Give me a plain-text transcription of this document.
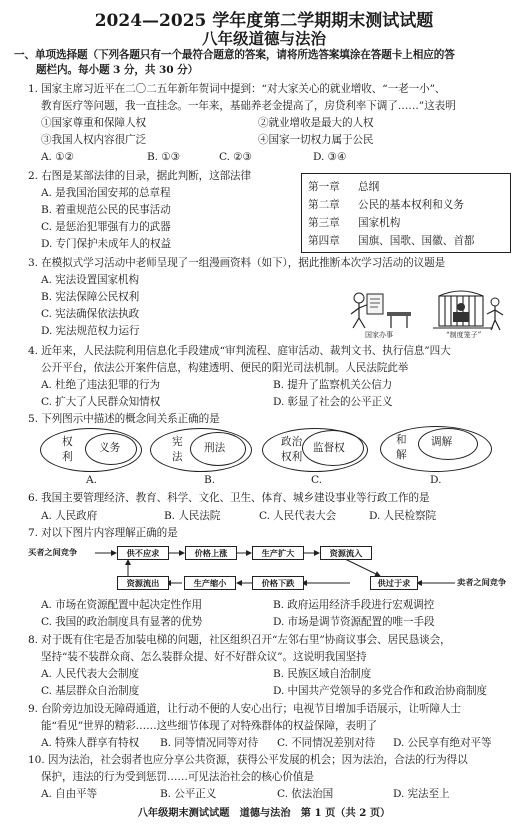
2024—2025 学年度第二学期期末测试试题
八年级道德与法治
一、单项选择题（下列各题只有一个最符合题意的答案，请将所选答案填涂在答题卡上相应的答
题栏内。每小题 3 分，共 30 分）
1. 国家主席习近平在二〇二五年新年贺词中提到：“对大家关心的就业增收、“一老一小”、
教育医疗等问题，我一直挂念。一年来，基础养老金提高了，房贷利率下调了……”这表明
①国家尊重和保障人权	②就业增收是最大的人权
③我国人权内容很广泛	④国家一切权力属于公民
A. ①②	B. ①③	C. ②③	D. ③④
2. 右图是某部法律的目录，据此判断，这部法律
A. 是我国治国安邦的总章程
B. 着重规范公民的民事活动
C. 是惩治犯罪强有力的武器
D. 专门保护未成年人的权益
第一章 总纲
第二章 公民的基本权利和义务
第三章 国家机构
第四章 国旗、国歌、国徽、首都
3. 在模拟式学习活动中老师呈现了一组漫画资料（如下），据此推断本次学习活动的议题是
A. 宪法设置国家机构
B. 宪法保障公民权利
C. 宪法确保依法执政
D. 宪法规范权力运行	国家办事	“制度笼子”
4. 近年来，人民法院利用信息化手段建成“审判流程、庭审活动、裁判文书、执行信息”四大
公开平台，依法公开案件信息，构建透明、便民的阳光司法机制。人民法院此举
A. 杜绝了违法犯罪的行为	B. 提升了监察机关公信力
C. 扩大了人民群众知情权	D. 彰显了社会的公平正义
5. 下列图示中描述的概念间关系正确的是
权
利
义务	宪
法
刑法	政治
权利
监督权
和
解
调解
A.	B.	C.	D.
6. 我国主要管理经济、教育、科学、文化、卫生、体育、城乡建设事业等行政工作的是
A. 人民政府	B. 人民法院	C. 人民代表大会	D. 人民检察院
7. 对以下图片内容理解正确的是
买者之间竞争	供不应求	价格上涨	生产扩大	资源流入
资源流出	生产缩小	价格下跌	供过于求	卖者之间竞争
A. 市场在资源配置中起决定性作用	B. 政府运用经济手段进行宏观调控
C. 我国的政治制度具有显著的优势	D. 市场是调节资源配置的唯一手段
8. 对于既有住宅是否加装电梯的问题，社区组织召开“左邻右里”协商议事会、居民恳谈会，
坚持“装不装群众商、怎么装群众提、好不好群众议”。这说明我国坚持
A. 人民代表大会制度	B. 民族区域自治制度
C. 基层群众自治制度	D. 中国共产党领导的多党合作和政治协商制度
9. 台阶旁边加设无障碍通道，让行动不便的人安心出行；电视节目增加手语展示，让听障人士
能“看见”世界的精彩……这些细节体现了对特殊群体的权益保障，表明了
A. 特殊人群享有特权 B. 同等情况同等对待 C. 不同情况差别对待 D. 公民享有绝对平等
10. 因为法治，社会弱者也应分享公共资源，获得公平发展的机会；因为法治，合法的行为得以
保护，违法的行为受到惩罚……可见法治社会的核心价值是
A. 自由平等	B. 公平正义	C. 依法治国	D. 宪法至上
八年级期末测试试题　道德与法治　第 1 页（共 2 页）
